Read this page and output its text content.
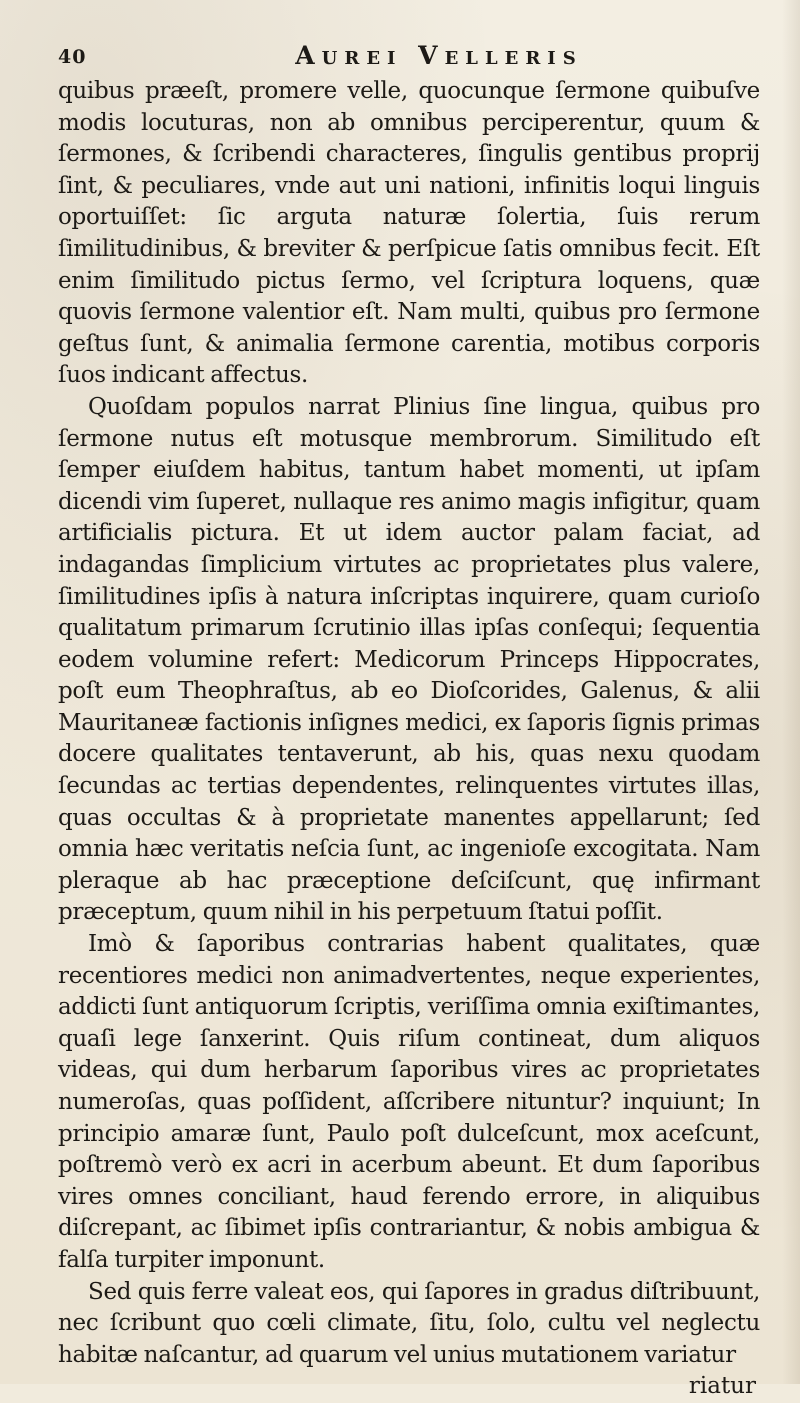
40	Aurei Velleris

quibus præeſt, promere velle, quocunque ſermone quibuſve modis locuturas, non ab omnibus perciperentur, quum & ſermones, & ſcribendi characteres, ſingulis gentibus proprij ſint, & peculiares, vnde aut uni nationi, infinitis loqui linguis oportuiſſet: ſic arguta naturæ ſolertia, ſuis rerum ſimilitudinibus, & breviter & perſpicue ſatis omnibus fecit. Eſt enim ſimilitudo pictus ſermo, vel ſcriptura loquens, quæ quovis ſermone valentior eſt. Nam multi, quibus pro ſermone geſtus ſunt, & animalia ſermone carentia, motibus corporis ſuos indicant affectus.

Quoſdam populos narrat Plinius ſine lingua, quibus pro ſermone nutus eſt motusque membrorum. Similitudo eſt ſemper eiuſdem habitus, tantum habet momenti, ut ipſam dicendi vim ſuperet, nullaque res animo magis infigitur, quam artificialis pictura. Et ut idem auctor palam faciat, ad indagandas ſimplicium virtutes ac proprietates plus valere, ſimilitudines ipſis à natura inſcriptas inquirere, quam curioſo qualitatum primarum ſcrutinio illas ipſas conſequi; ſequentia eodem volumine refert: Medicorum Princeps Hippocrates, poſt eum Theophraſtus, ab eo Dioſcorides, Galenus, & alii Mauritaneæ factionis inſignes medici, ex ſaporis ſignis primas docere qualitates tentaverunt, ab his, quas nexu quodam ſecundas ac tertias dependentes, relinquentes virtutes illas, quas occultas & à proprietate manentes appellarunt; ſed omnia hæc veritatis neſcia ſunt, ac ingenioſe excogitata. Nam pleraque ab hac præceptione deſciſcunt, quę infirmant præceptum, quum nihil in his perpetuum ſtatui poſſit.

Imò & ſaporibus contrarias habent qualitates, quæ recentiores medici non animadvertentes, neque experientes, addicti ſunt antiquorum ſcriptis, veriſſima omnia exiſtimantes, quaſi lege ſanxerint. Quis riſum contineat, dum aliquos videas, qui dum herbarum ſaporibus vires ac proprietates numeroſas, quas poſſident, aſſcribere nituntur? inquiunt; In principio amaræ ſunt, Paulo poſt dulceſcunt, mox aceſcunt, poſtremò verò ex acri in acerbum abeunt. Et dum ſaporibus vires omnes conciliant, haud ferendo errore, in aliquibus diſcrepant, ac ſibimet ipſis contrariantur, & nobis ambigua & falſa turpiter imponunt.

Sed quis ferre valeat eos, qui ſapores in gradus diſtribuunt, nec ſcribunt quo cœli climate, ſitu, ſolo, cultu vel neglectu habitæ naſcantur, ad quarum vel unius mutationem variatur

riatur
